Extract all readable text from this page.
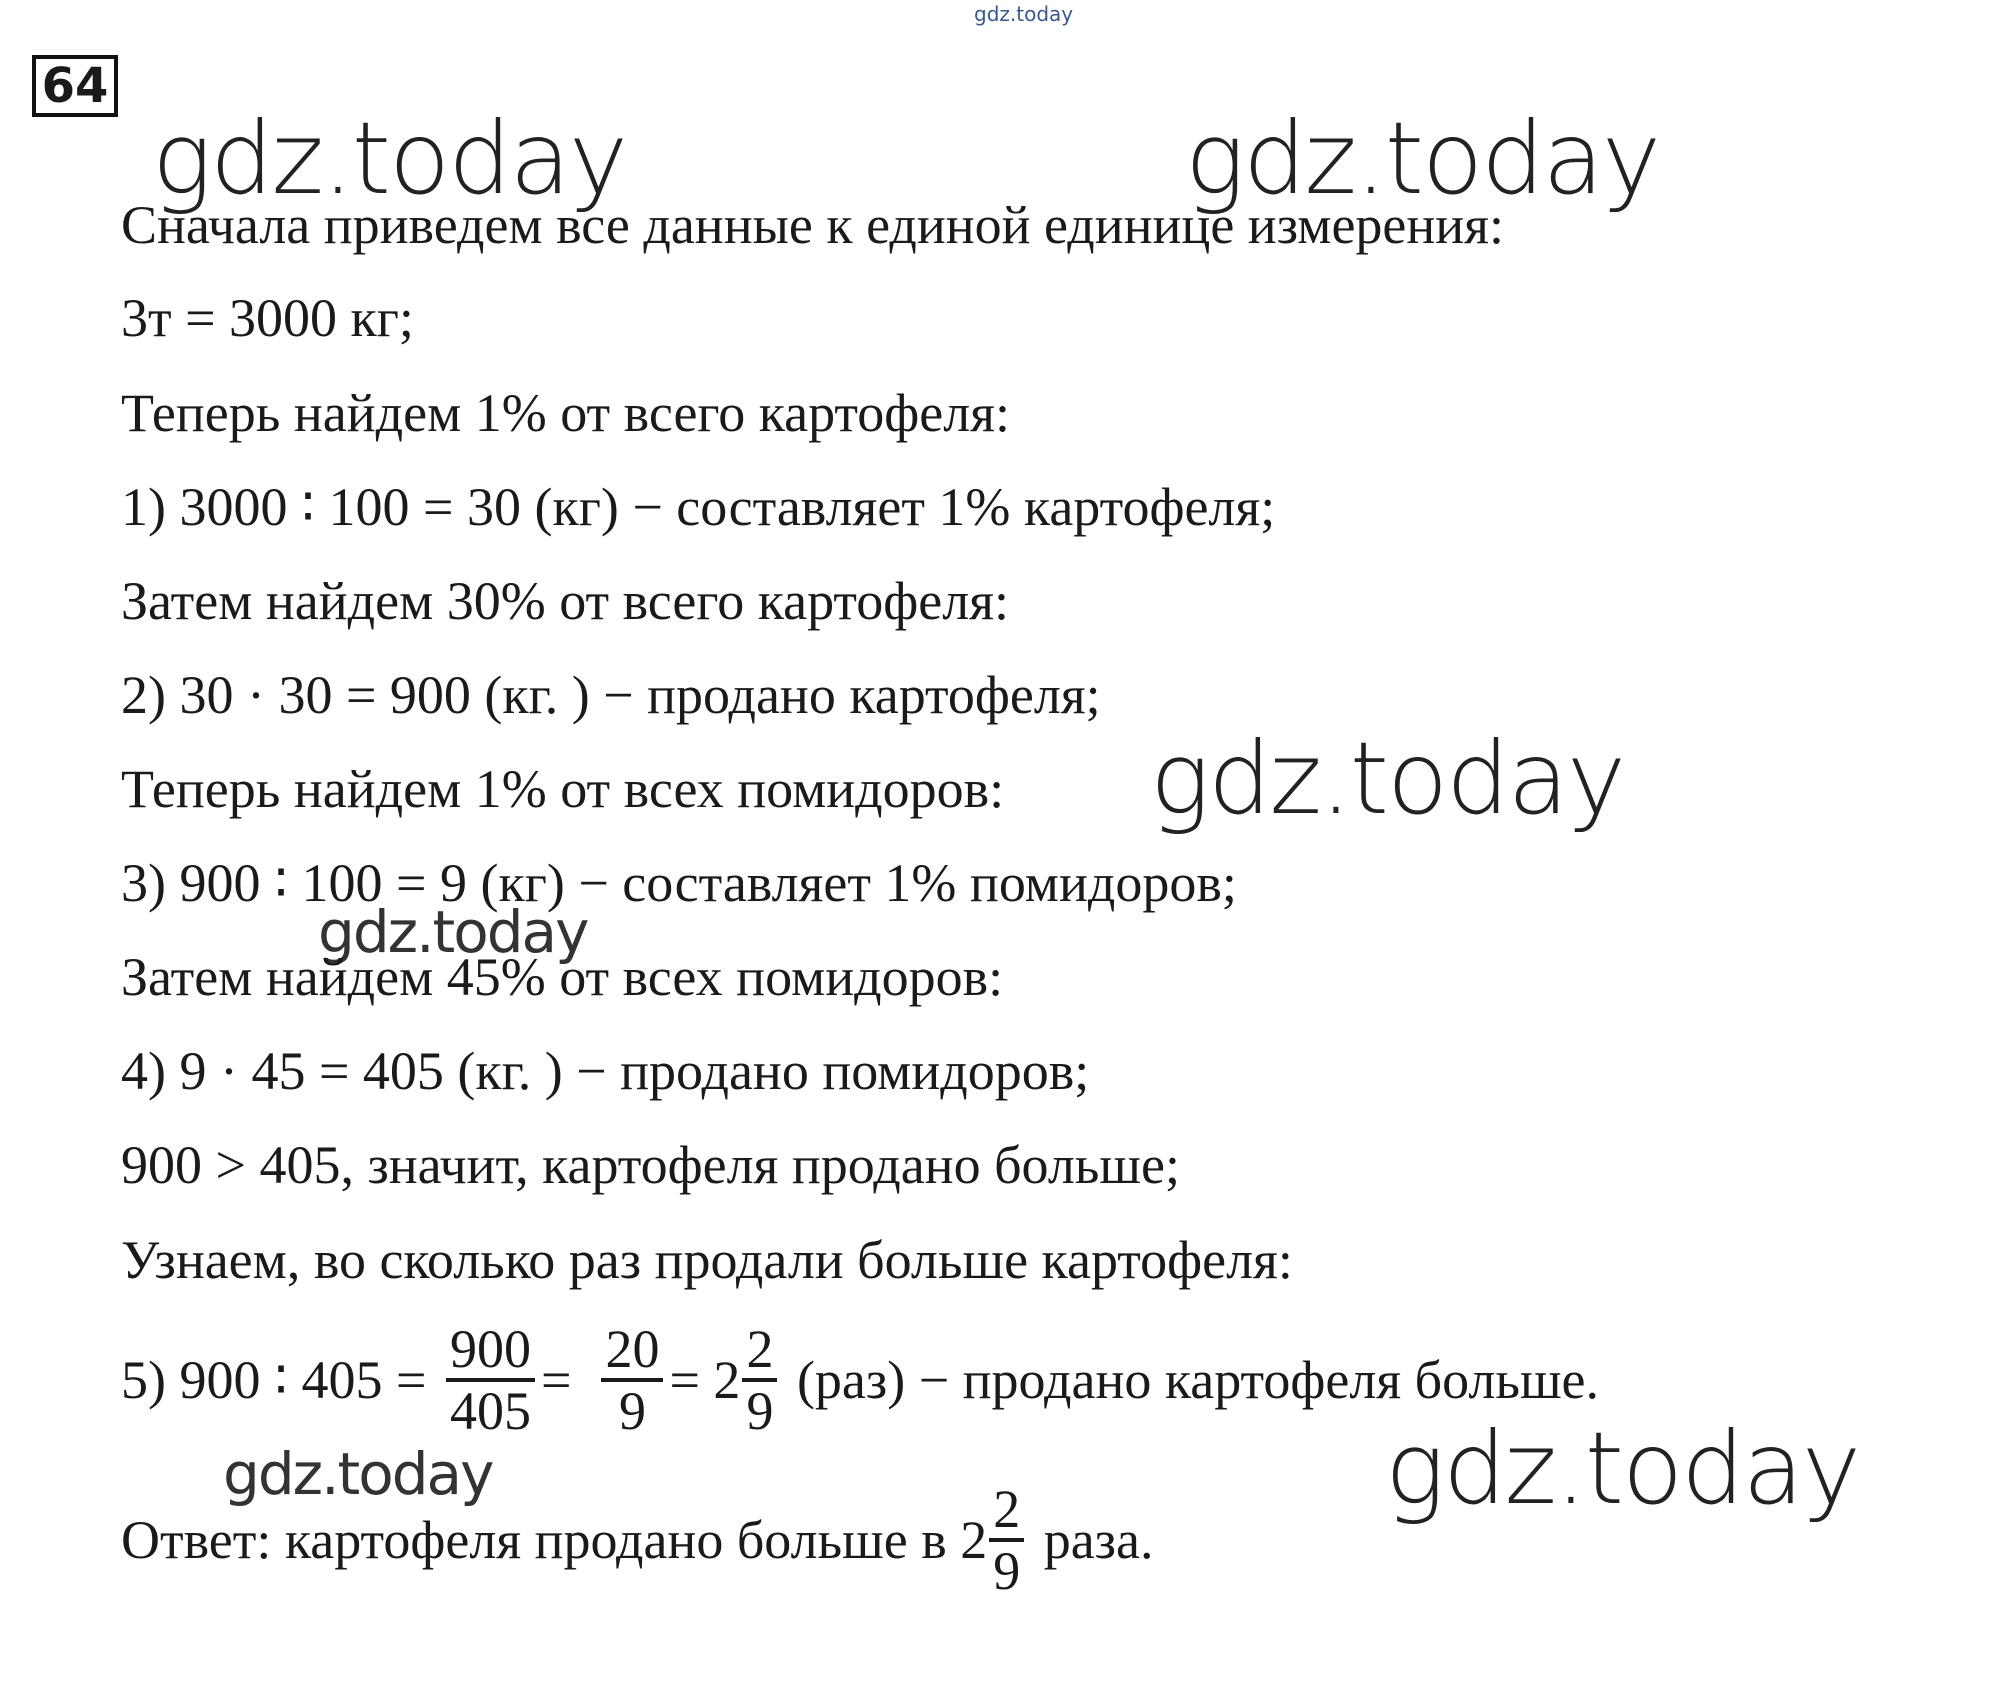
gdz.today
64
gdz.today	gdz.today
Сначала приведем все данные к единой единице измерения:
3т = 3000 кг;
Теперь найдем 1% от всего картофеля:
1) 3000 ∶ 100 = 30 (кг) − составляет 1% картофеля;
Затем найдем 30% от всего картофеля:
2) 30 · 30 = 900 (кг. ) − продано картофеля;
Теперь найдем 1% от всех помидоров: gdz.today
3) 900 ∶ 100 = 9 (кг) − составляет 1% помидоров;
gdz.today
Затем найдем 45% от всех помидоров:
4) 9 · 45 = 405 (кг. ) − продано помидоров;
900 > 405, значит, картофеля продано больше;
Узнаем, во сколько раз продали больше картофеля:
5) 900 ∶ $405 = \frac{900}{405} = \frac{20}{9} = 2 \frac{2}{9} (раз)$ − продано картофеля больше.
gdz.today	gdz.today
Ответ: картофеля продано больше в $2 \frac{2}{9}$ раза.
